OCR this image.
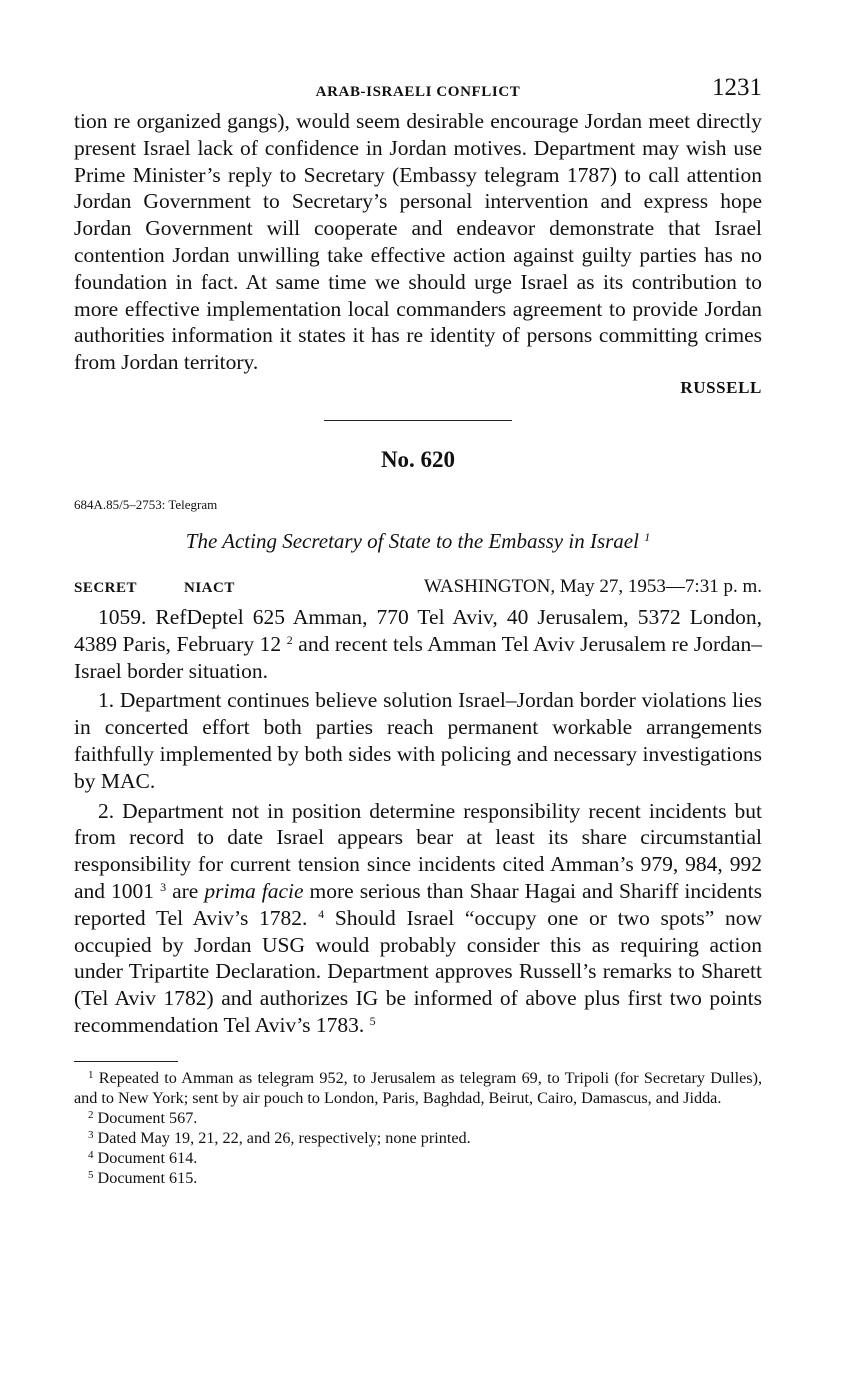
ARAB-ISRAELI CONFLICT	1231

tion re organized gangs), would seem desirable encourage Jordan meet directly present Israel lack of confidence in Jordan motives. Department may wish use Prime Minister’s reply to Secretary (Embassy telegram 1787) to call attention Jordan Government to Secretary’s personal intervention and express hope Jordan Government will cooperate and endeavor demonstrate that Israel contention Jordan unwilling take effective action against guilty parties has no foundation in fact. At same time we should urge Israel as its contribution to more effective implementation local commanders agreement to provide Jordan authorities information it states it has re identity of persons committing crimes from Jordan territory.

RUSSELL
No. 620
684A.85/5–2753: Telegram
The Acting Secretary of State to the Embassy in Israel $^1$
SECRET	NIACT	WASHINGTON, May 27, 1953—7:31 p. m.

1059. RefDeptel 625 Amman, 770 Tel Aviv, 40 Jerusalem, 5372 London, 4389 Paris, February 12 $^2$ and recent tels Amman Tel Aviv Jerusalem re Jordan–Israel border situation.

1. Department continues believe solution Israel–Jordan border violations lies in concerted effort both parties reach permanent workable arrangements faithfully implemented by both sides with policing and necessary investigations by MAC.

2. Department not in position determine responsibility recent incidents but from record to date Israel appears bear at least its share circumstantial responsibility for current tension since incidents cited Amman’s 979, 984, 992 and 1001 $^3$ are prima facie more serious than Shaar Hagai and Shariff incidents reported Tel Aviv’s 1782. $^4$ Should Israel “occupy one or two spots” now occupied by Jordan USG would probably consider this as requiring action under Tripartite Declaration. Department approves Russell’s remarks to Sharett (Tel Aviv 1782) and authorizes IG be informed of above plus first two points recommendation Tel Aviv’s 1783. $^5$

$^1$ Repeated to Amman as telegram 952, to Jerusalem as telegram 69, to Tripoli (for Secretary Dulles), and to New York; sent by air pouch to London, Paris, Baghdad, Beirut, Cairo, Damascus, and Jidda.
$^2$ Document 567.
$^3$ Dated May 19, 21, 22, and 26, respectively; none printed.
$^4$ Document 614.
$^5$ Document 615.
